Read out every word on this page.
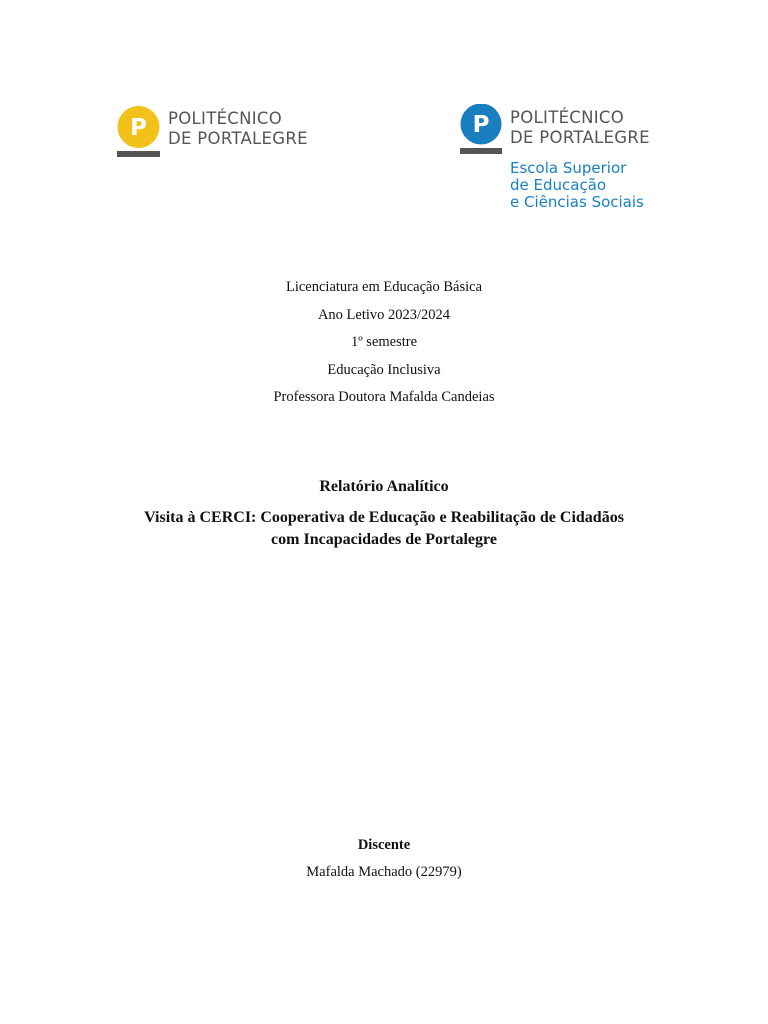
P POLITÉCNICO
DE PORTALEGRE
P POLITÉCNICO
DE PORTALEGRE
Escola Superior
de Educação
e Ciências Sociais
Licenciatura em Educação Básica
Ano Letivo 2023/2024
1º semestre
Educação Inclusiva
Professora Doutora Mafalda Candeias
Relatório Analítico
Visita à CERCI: Cooperativa de Educação e Reabilitação de Cidadãos
com Incapacidades de Portalegre
Discente
Mafalda Machado (22979)
